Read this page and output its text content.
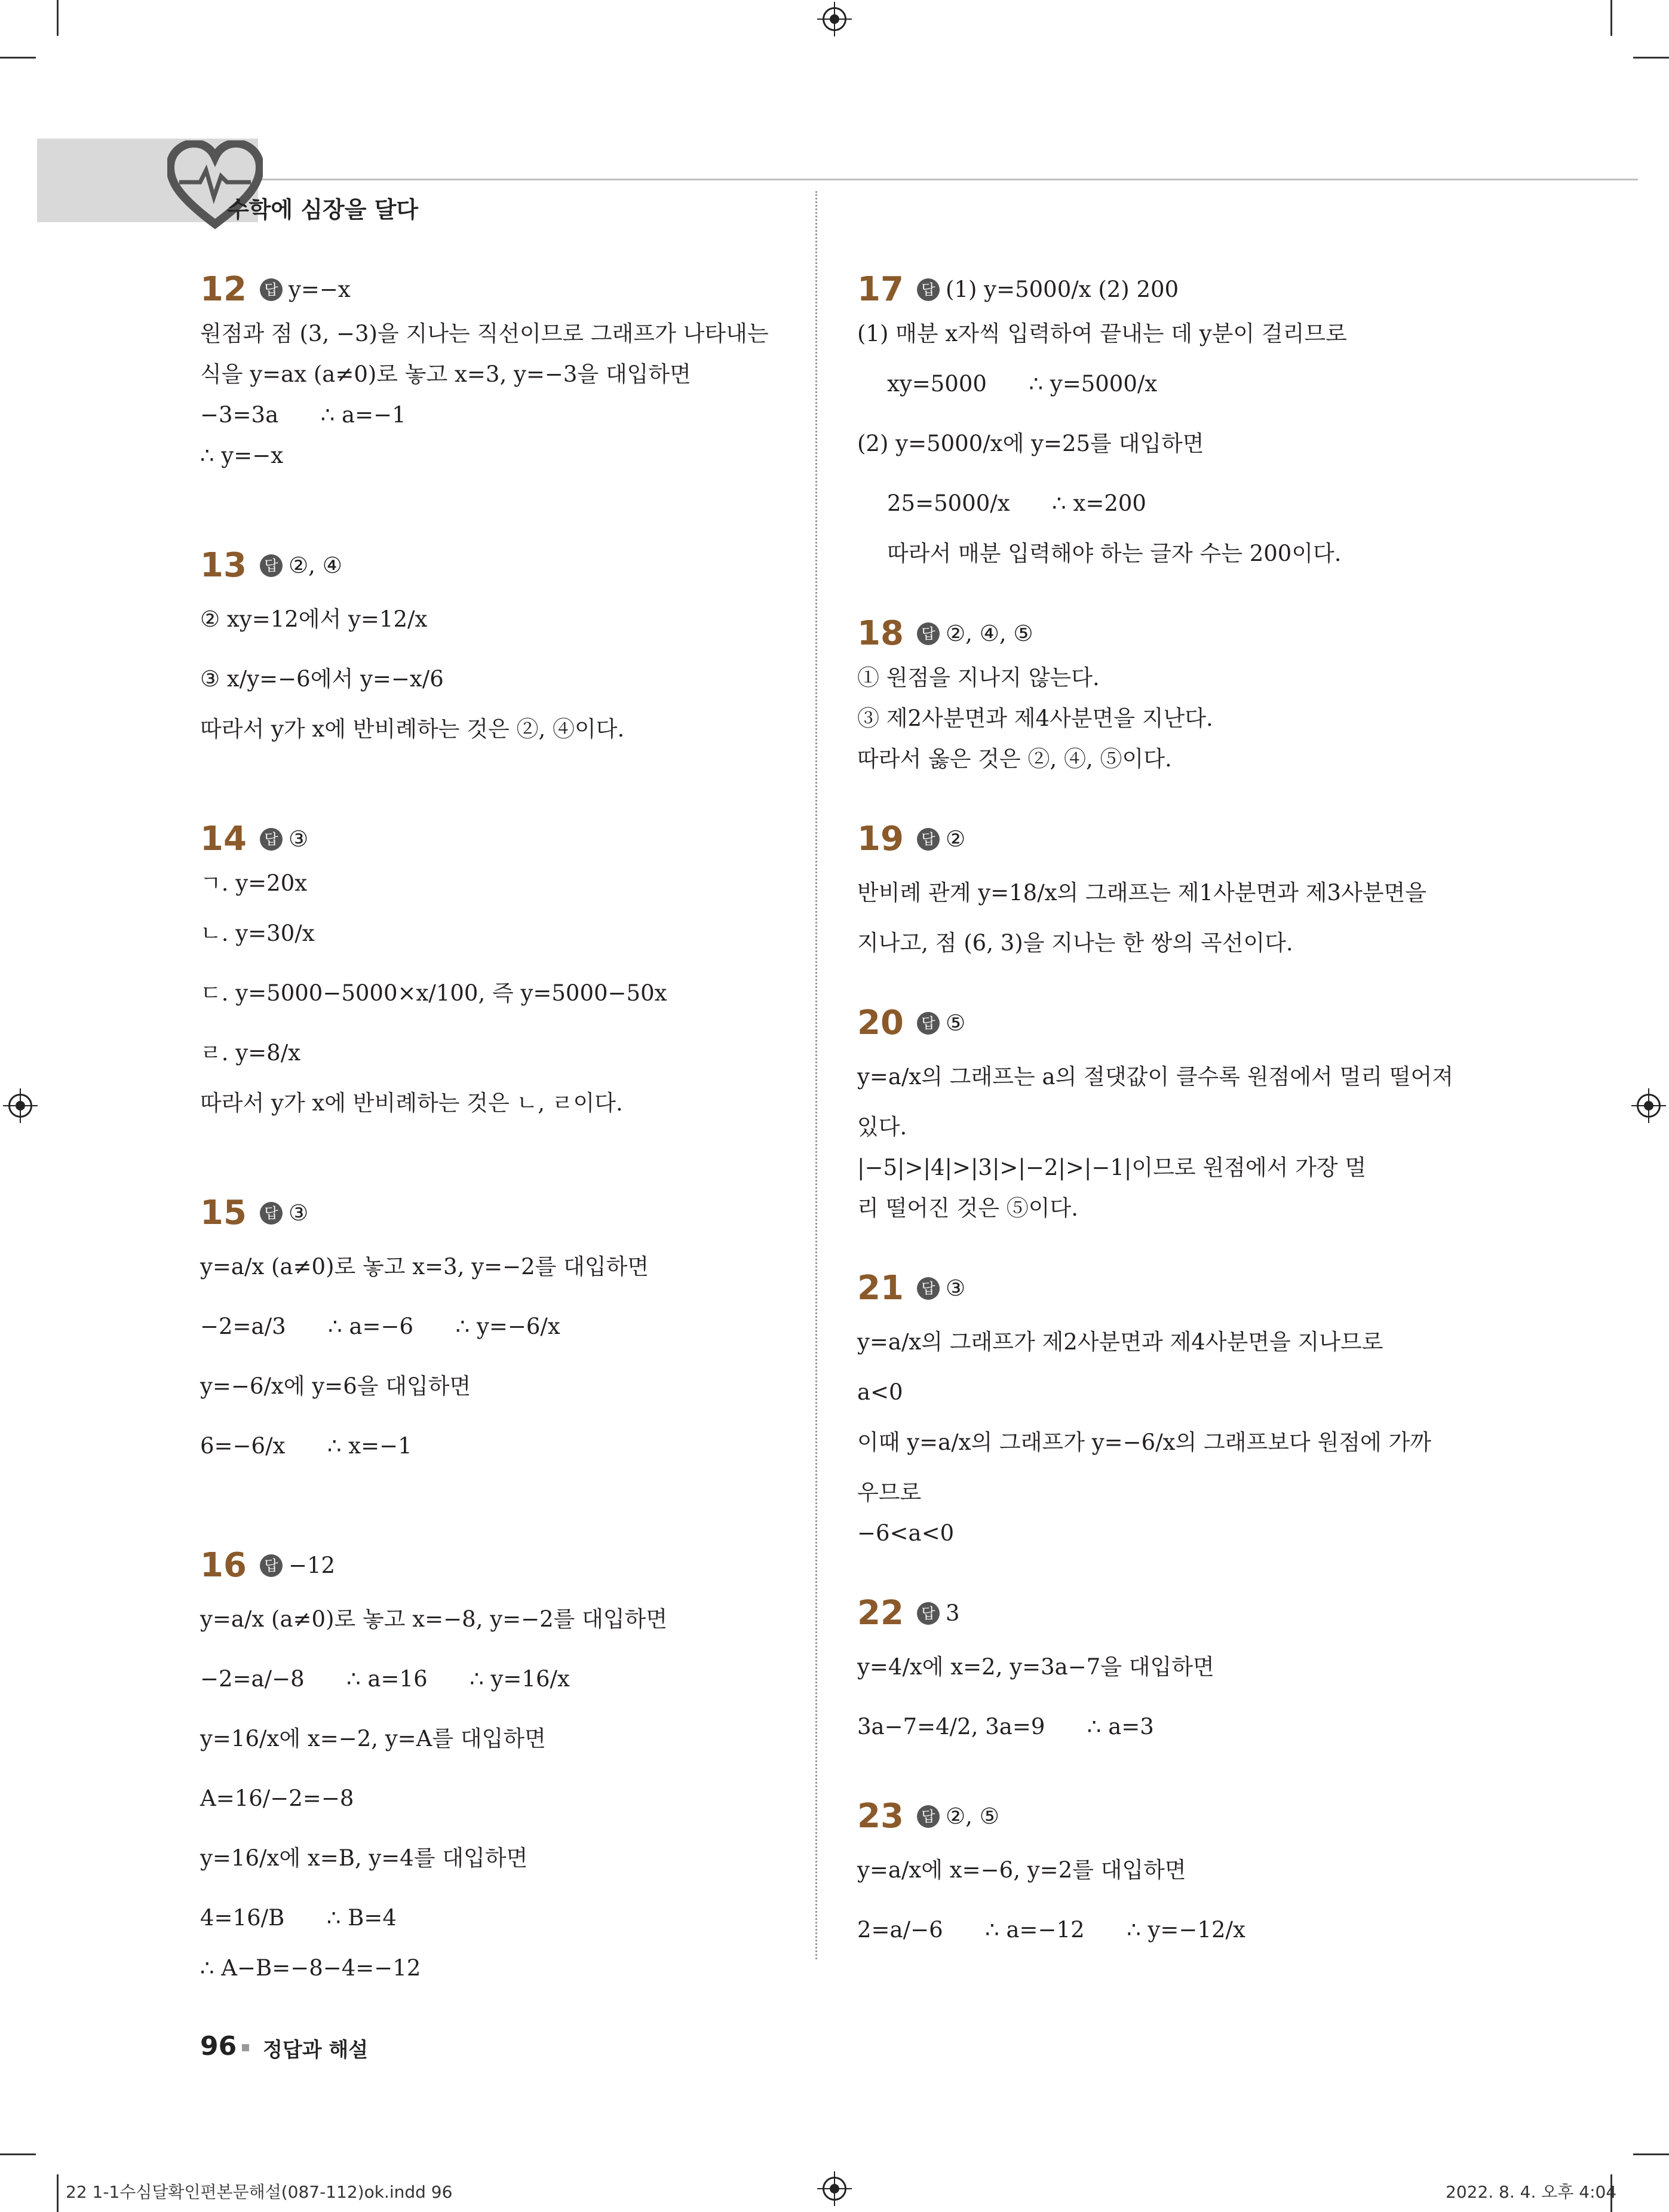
수학에 심장을 달다
12	답 y=−x
원점과 점 (3, −3)을 지나는 직선이므로 그래프가 나타내는
식을 y=ax (a≠0)로 놓고 x=3, y=−3을 대입하면
−3=3a      ∴ a=−1
∴ y=−x
13	답 ②, ④
② xy=12에서 y=12/x
③ x/y=−6에서 y=−x/6
따라서 y가 x에 반비례하는 것은 ②, ④이다.
14	답 ③
ㄱ. y=20x
ㄴ. y=30/x
ㄷ. y=5000−5000×x/100, 즉 y=5000−50x
ㄹ. y=8/x
따라서 y가 x에 반비례하는 것은 ㄴ, ㄹ이다.
15	답 ③
y=a/x (a≠0)로 놓고 x=3, y=−2를 대입하면
−2=a/3      ∴ a=−6      ∴ y=−6/x
y=−6/x에 y=6을 대입하면
6=−6/x      ∴ x=−1
16	답 −12
y=a/x (a≠0)로 놓고 x=−8, y=−2를 대입하면
−2=a/−8      ∴ a=16      ∴ y=16/x
y=16/x에 x=−2, y=A를 대입하면
A=16/−2=−8
y=16/x에 x=B, y=4를 대입하면
4=16/B      ∴ B=4
∴ A−B=−8−4=−12
17	답 (1) y=5000/x (2) 200
(1) 매분 x자씩 입력하여 끝내는 데 y분이 걸리므로
xy=5000      ∴ y=5000/x
(2) y=5000/x에 y=25를 대입하면
25=5000/x      ∴ x=200
따라서 매분 입력해야 하는 글자 수는 200이다.
18	답 ②, ④, ⑤
① 원점을 지나지 않는다.
③ 제2사분면과 제4사분면을 지난다.
따라서 옳은 것은 ②, ④, ⑤이다.
19	답 ②
반비례 관계 y=18/x의 그래프는 제1사분면과 제3사분면을
지나고, 점 (6, 3)을 지나는 한 쌍의 곡선이다.
20	답 ⑤
y=a/x의 그래프는 a의 절댓값이 클수록 원점에서 멀리 떨어져
있다.
|−5|>|4|>|3|>|−2|>|−1|이므로 원점에서 가장 멀
리 떨어진 것은 ⑤이다.
21	답 ③
y=a/x의 그래프가 제2사분면과 제4사분면을 지나므로
a<0
이때 y=a/x의 그래프가 y=−6/x의 그래프보다 원점에 가까
우므로
−6<a<0
22	답 3
y=4/x에 x=2, y=3a−7을 대입하면
3a−7=4/2, 3a=9      ∴ a=3
23	답 ②, ⑤
y=a/x에 x=−6, y=2를 대입하면
2=a/−6      ∴ a=−12      ∴ y=−12/x
96 정답과 해설
22 1-1수심달확인편본문해설(087-112)ok.indd 96	2022. 8. 4. 오후 4:04
